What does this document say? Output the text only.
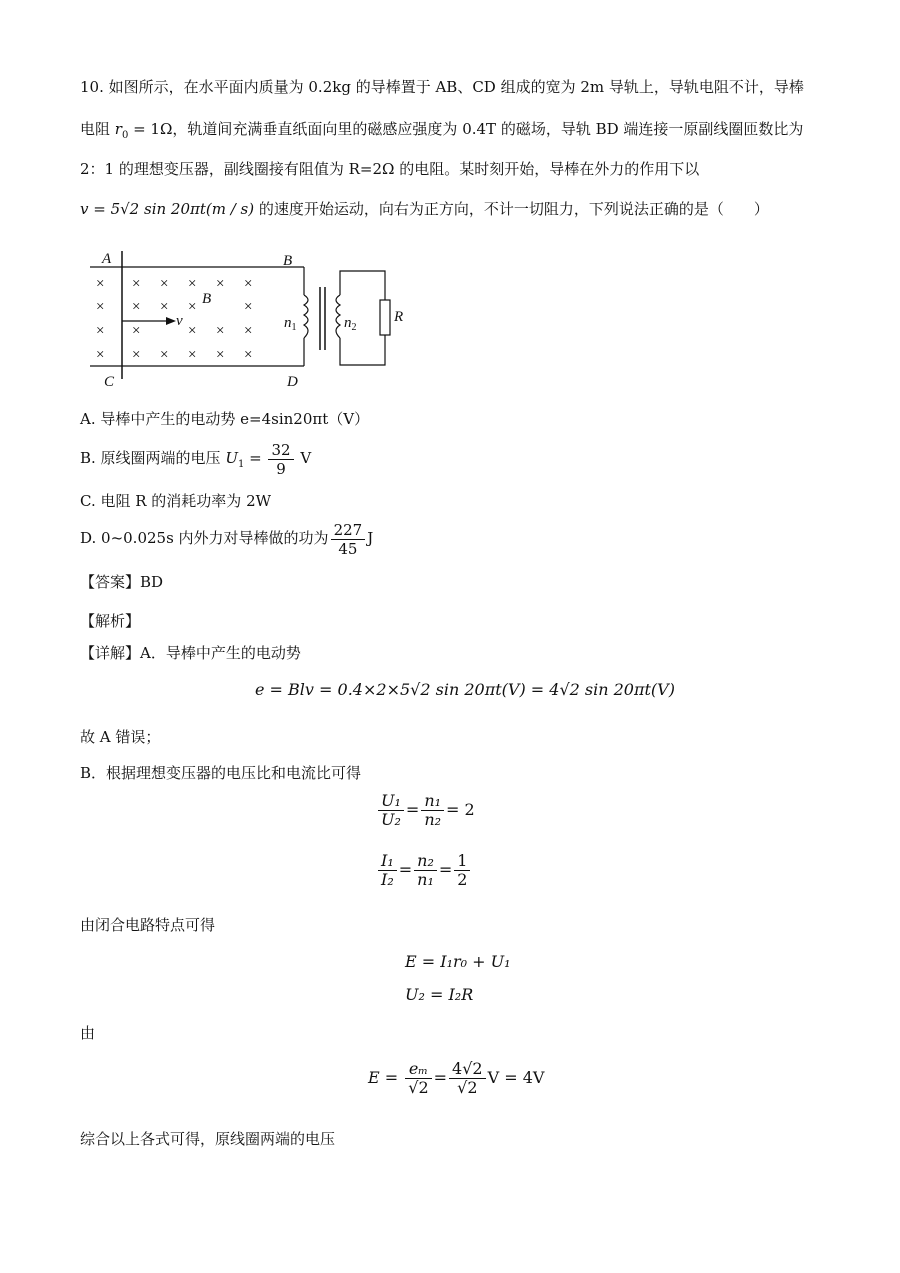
10. 如图所示，在水平面内质量为 0.2kg 的导棒置于 AB、CD 组成的宽为 2m 导轨上，导轨电阻不计，导棒
电阻 $r_0 = 1\Omega$，轨道间充满垂直纸面向里的磁感应强度为 0.4T 的磁场，导轨 BD 端连接一原副线圈匝数比为
2：1 的理想变压器，副线圈接有阻值为 R=2Ω 的电阻。某时刻开始，导棒在外力的作用下以
v = 5√2 sin 20πt(m / s) 的速度开始运动，向右为正方向，不计一切阻力，下列说法正确的是（　　）
A	B
C	D
B
v	$n_1$	$n_2$
R
× × × × × ×
× × × ×	×
× ×	× × ×
× × × × × ×
A. 导棒中产生的电动势 e=4sin20πt（V）
B. 原线圈两端的电压 $U_1 = \frac{32}{9}$ V
C. 电阻 R 的消耗功率为 2W
D. 0~0.025s 内外力对导棒做的功为 $\frac{227}{45}$ J
【答案】BD
【解析】
【详解】A．导棒中产生的电动势
e = Blv = 0.4×2×5√2 sin 20πt(V) = 4√2 sin 20πt(V)
故 A 错误；
B．根据理想变压器的电压比和电流比可得
$\frac{\text{U₁}}{\text{U₂}} = \frac{\text{n₁}}{\text{n₂}} = 2$
$\frac{\text{I₁}}{\text{I₂}} = \frac{\text{n₂}}{\text{n₁}} = \frac{1}{2}$
由闭合电路特点可得
E = I₁r₀ + U₁
U₂ = I₂R
由
$E = \frac{\text{eₘ}}{√2} = \frac{4√2}{√2}$ V = 4V
综合以上各式可得，原线圈两端的电压
